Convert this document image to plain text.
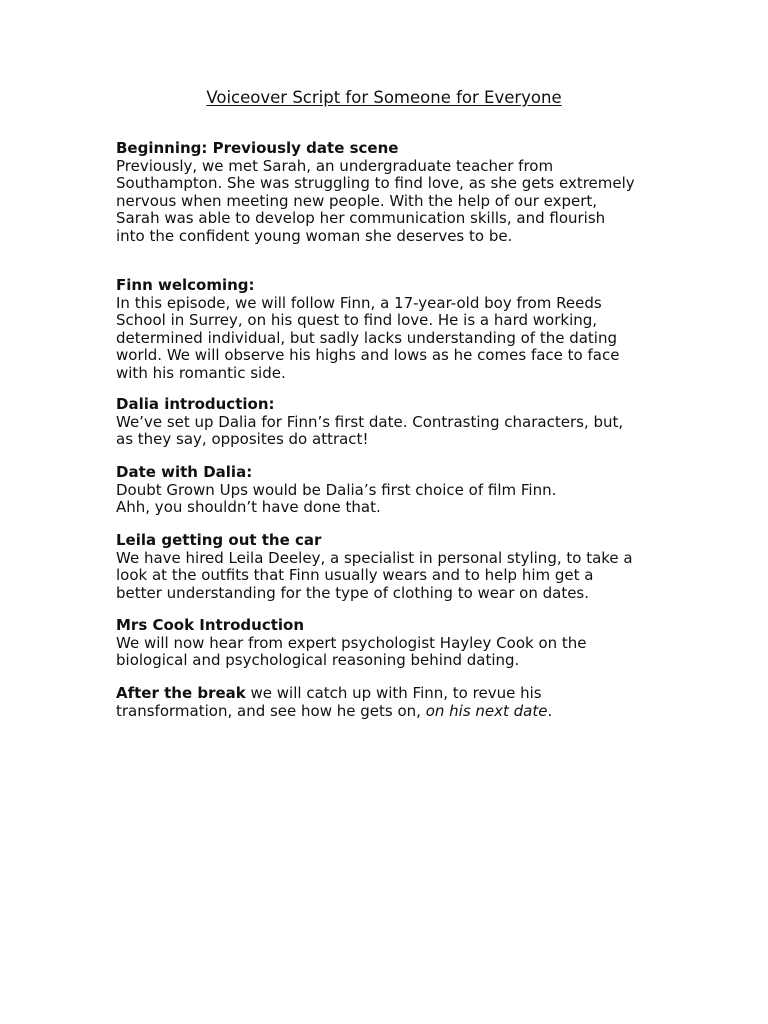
Voiceover Script for Someone for Everyone
Beginning: Previously date scene
Previously, we met Sarah, an undergraduate teacher from
Southampton. She was struggling to find love, as she gets extremely
nervous when meeting new people. With the help of our expert,
Sarah was able to develop her communication skills, and flourish
into the confident young woman she deserves to be.
Finn welcoming:
In this episode, we will follow Finn, a 17-year-old boy from Reeds
School in Surrey, on his quest to find love. He is a hard working,
determined individual, but sadly lacks understanding of the dating
world. We will observe his highs and lows as he comes face to face
with his romantic side.
Dalia introduction:
We’ve set up Dalia for Finn’s first date. Contrasting characters, but,
as they say, opposites do attract!
Date with Dalia:
Doubt Grown Ups would be Dalia’s first choice of film Finn.
Ahh, you shouldn’t have done that.
Leila getting out the car
We have hired Leila Deeley, a specialist in personal styling, to take a
look at the outfits that Finn usually wears and to help him get a
better understanding for the type of clothing to wear on dates.
Mrs Cook Introduction
We will now hear from expert psychologist Hayley Cook on the
biological and psychological reasoning behind dating.
After the break we will catch up with Finn, to revue his
transformation, and see how he gets on, on his next date.
